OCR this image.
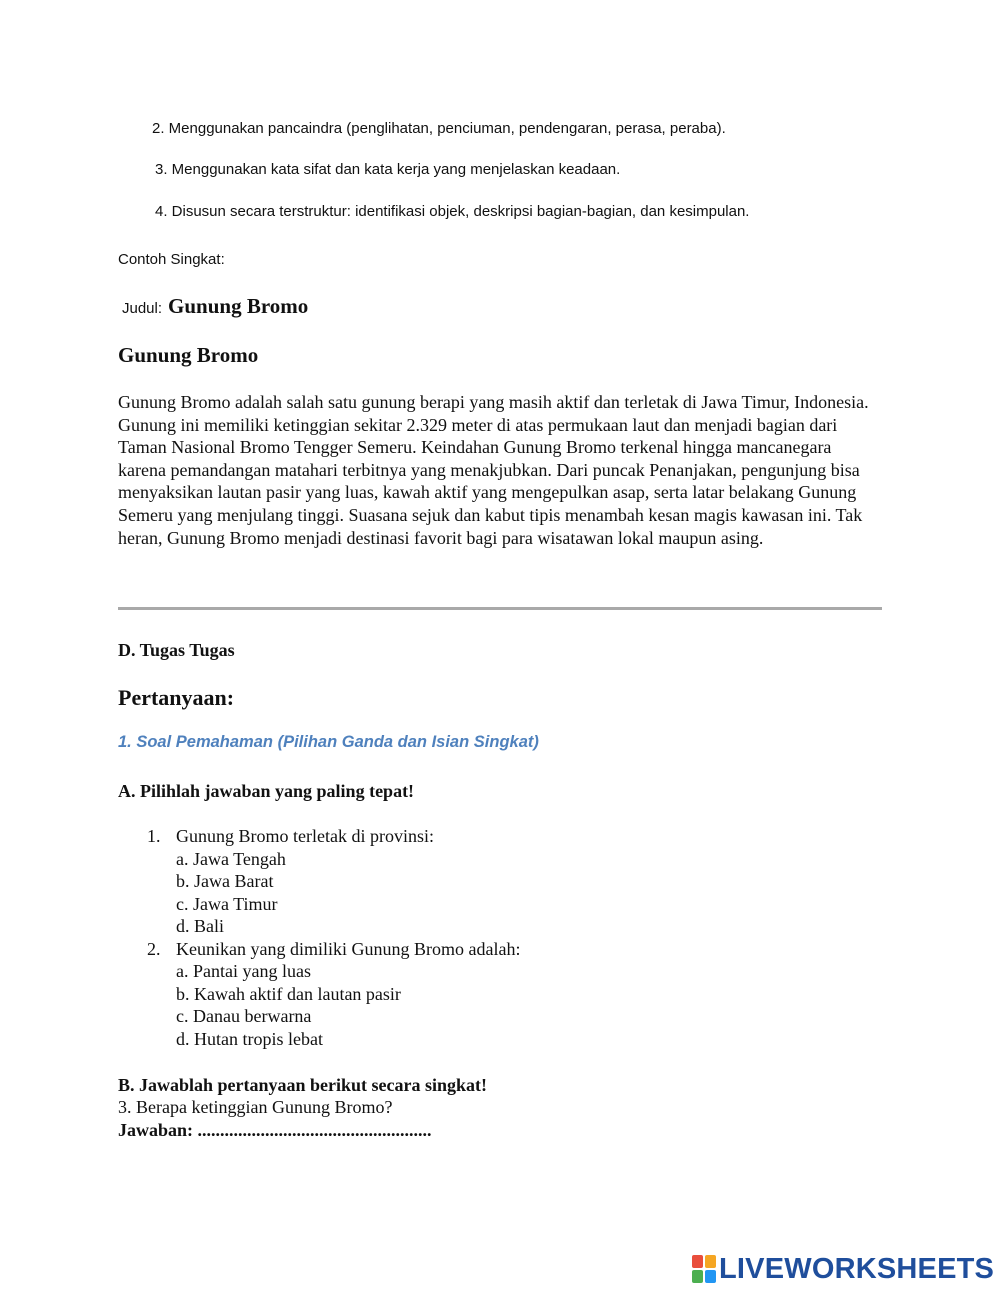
2. Menggunakan pancaindra (penglihatan, penciuman, pendengaran, perasa, peraba).
3. Menggunakan kata sifat dan kata kerja yang menjelaskan keadaan.
4. Disusun secara terstruktur: identifikasi objek, deskripsi bagian-bagian, dan kesimpulan.
Contoh Singkat:
Judul: Gunung Bromo
Gunung Bromo
Gunung Bromo adalah salah satu gunung berapi yang masih aktif dan terletak di Jawa Timur, Indonesia. Gunung ini memiliki ketinggian sekitar 2.329 meter di atas permukaan laut dan menjadi bagian dari Taman Nasional Bromo Tengger Semeru. Keindahan Gunung Bromo terkenal hingga mancanegara karena pemandangan matahari terbitnya yang menakjubkan. Dari puncak Penanjakan, pengunjung bisa menyaksikan lautan pasir yang luas, kawah aktif yang mengepulkan asap, serta latar belakang Gunung Semeru yang menjulang tinggi. Suasana sejuk dan kabut tipis menambah kesan magis kawasan ini. Tak heran, Gunung Bromo menjadi destinasi favorit bagi para wisatawan lokal maupun asing.
D. Tugas Tugas
Pertanyaan:
1. Soal Pemahaman (Pilihan Ganda dan Isian Singkat)
A. Pilihlah jawaban yang paling tepat!
1. Gunung Bromo terletak di provinsi:
a. Jawa Tengah
b. Jawa Barat
c. Jawa Timur
d. Bali
2. Keunikan yang dimiliki Gunung Bromo adalah:
a. Pantai yang luas
b. Kawah aktif dan lautan pasir
c. Danau berwarna
d. Hutan tropis lebat
B. Jawablah pertanyaan berikut secara singkat!
3. Berapa ketinggian Gunung Bromo?
Jawaban: ....................................................
LIVEWORKSHEETS
